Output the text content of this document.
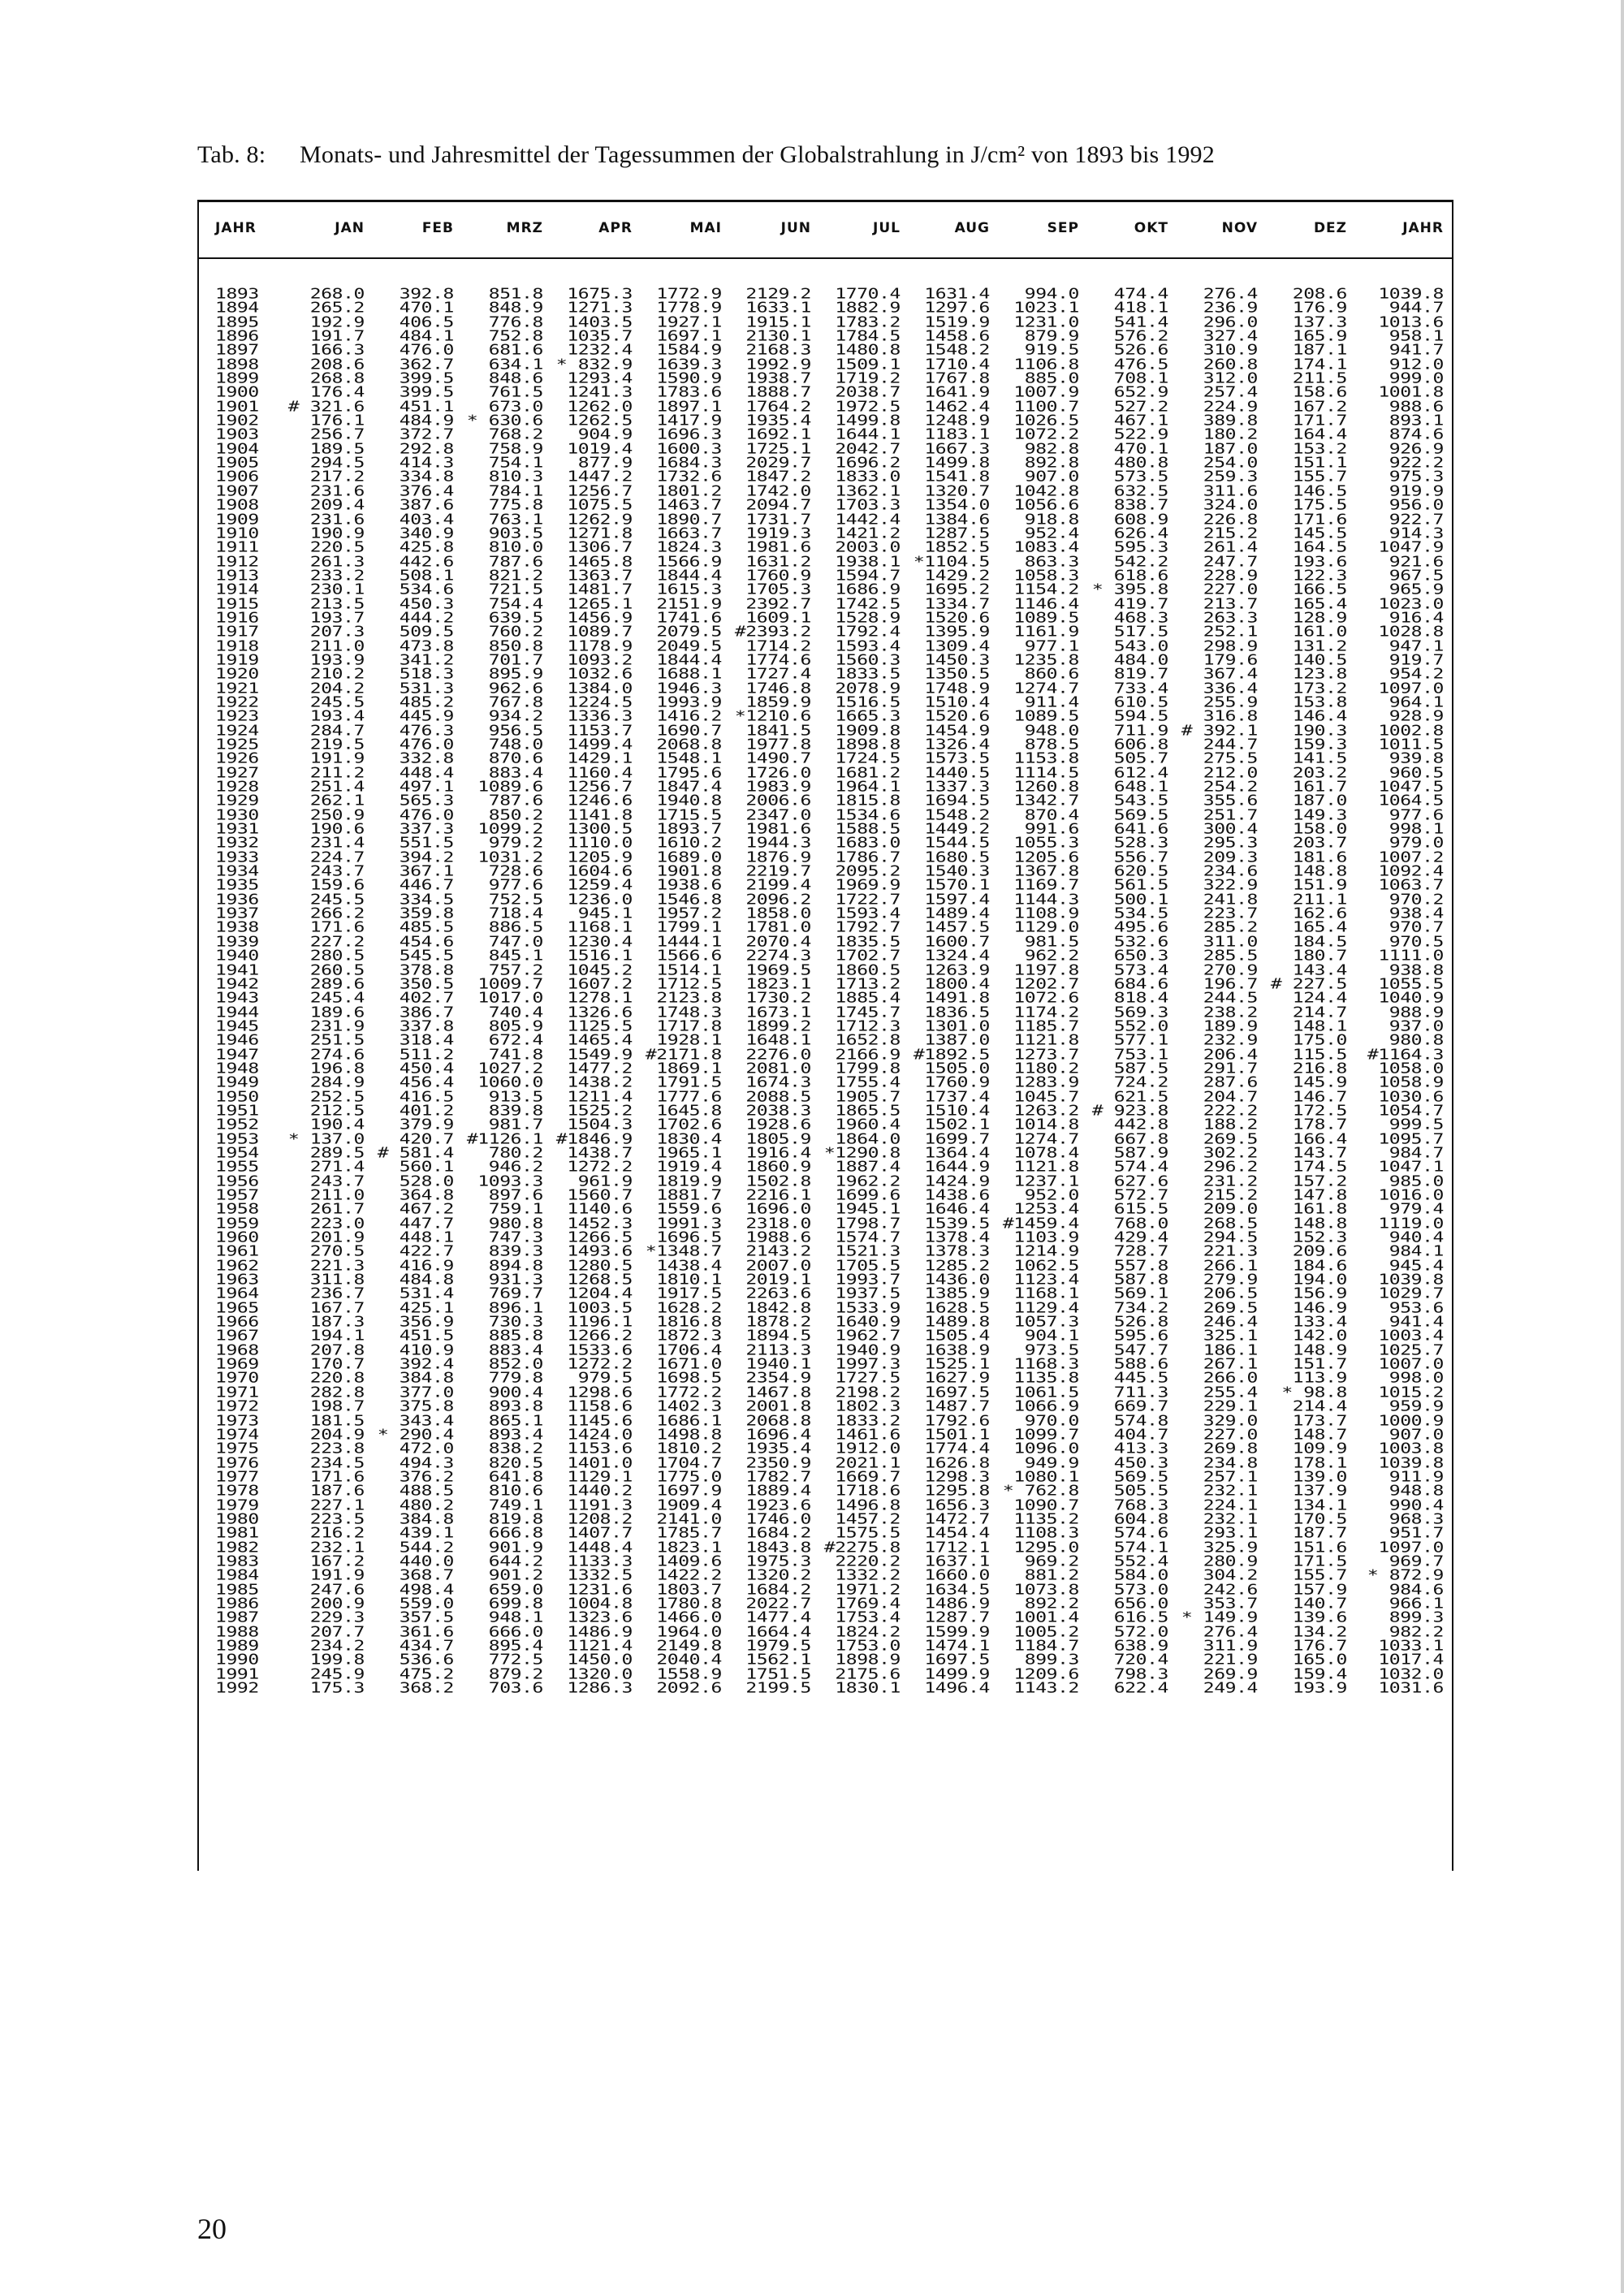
Tab. 8: Monats- und Jahresmittel der Tagessummen der Globalstrahlung in J/cm² von 1893 bis 1992
JAHR	JAN	FEB	MRZ	APR	MAI	JUN	JUL	AUG	SEP	OKT	NOV	DEZ	JAHR

1893	268.0	392.8	851.8	1675.3	1772.9	2129.2	1770.4	1631.4	994.0	474.4	276.4	208.6	1039.8
1894	265.2	470.1	848.9	1271.3	1778.9	1633.1	1882.9	1297.6	1023.1	418.1	236.9	176.9	944.7
1895	192.9	406.5	776.8	1403.5	1927.1	1915.1	1783.2	1519.9	1231.0	541.4	296.0	137.3	1013.6
1896	191.7	484.1	752.8	1035.7	1697.1	2130.1	1784.5	1458.6	879.9	576.2	327.4	165.9	958.1
1897	166.3	476.0	681.6	1232.4	1584.9	2168.3	1480.8	1548.2	919.5	526.6	310.9	187.1	941.7
1898	208.6	362.7	634.1	* 832.9	1639.3	1992.9	1509.1	1710.4	1106.8	476.5	260.8	174.1	912.0
1899	268.8	399.5	848.6	1293.4	1590.9	1938.7	1719.2	1767.8	885.0	708.1	312.0	211.5	999.0
1900	176.4	399.5	761.5	1241.3	1783.6	1888.7	2038.7	1641.9	1007.9	652.9	257.4	158.6	1001.8
1901	# 321.6	451.1	673.0	1262.0	1897.1	1764.2	1972.5	1462.4	1100.7	527.2	224.9	167.2	988.6
1902	176.1	484.9	* 630.6	1262.5	1417.9	1935.4	1499.8	1248.9	1026.5	467.1	389.8	171.7	893.1
1903	256.7	372.7	768.2	904.9	1696.3	1692.1	1644.1	1183.1	1072.2	522.9	180.2	164.4	874.6
1904	189.5	292.8	758.9	1019.4	1600.3	1725.1	2042.7	1667.3	982.8	470.1	187.0	153.2	926.9
1905	294.5	414.3	754.1	877.9	1684.3	2029.7	1696.2	1499.8	892.8	480.8	254.0	151.1	922.2
1906	217.2	334.8	810.3	1447.2	1732.6	1847.2	1833.0	1541.8	907.0	573.5	259.3	155.7	975.3
1907	231.6	376.4	784.1	1256.7	1801.2	1742.0	1362.1	1320.7	1042.8	632.5	311.6	146.5	919.9
1908	209.4	387.6	775.8	1075.5	1463.7	2094.7	1703.3	1354.0	1056.6	838.7	324.0	175.5	956.0
1909	231.6	403.4	763.1	1262.9	1890.7	1731.7	1442.4	1384.6	918.8	608.9	226.8	171.6	922.7
1910	190.9	340.9	903.5	1271.8	1663.7	1919.3	1421.2	1287.5	952.4	626.4	215.2	145.5	914.3
1911	220.5	425.8	810.0	1306.7	1824.3	1981.6	2003.0	1852.5	1083.4	595.3	261.4	164.5	1047.9
1912	261.3	442.6	787.6	1465.8	1566.9	1631.2	1938.1	*1104.5	863.3	542.2	247.7	193.6	921.6
1913	233.2	508.1	821.2	1363.7	1844.4	1760.9	1594.7	1429.2	1058.3	618.6	228.9	122.3	967.5
1914	230.1	534.6	721.5	1481.7	1615.3	1705.3	1686.9	1695.2	1154.2	* 395.8	227.0	166.5	965.9
1915	213.5	450.3	754.4	1265.1	2151.9	2392.7	1742.5	1334.7	1146.4	419.7	213.7	165.4	1023.0
1916	193.7	444.2	639.5	1456.9	1741.6	1609.1	1528.9	1520.6	1089.5	468.3	263.3	128.9	916.4
1917	207.3	509.5	760.2	1089.7	2079.5	#2393.2	1792.4	1395.9	1161.9	517.5	252.1	161.0	1028.8
1918	211.0	473.8	850.8	1178.9	2049.5	1714.2	1593.4	1309.4	977.1	543.0	298.9	131.2	947.1
1919	193.9	341.2	701.7	1093.2	1844.4	1774.6	1560.3	1450.3	1235.8	484.0	179.6	140.5	919.7
1920	210.2	518.3	895.9	1032.6	1688.1	1727.4	1833.5	1350.5	860.6	819.7	367.4	123.8	954.2
1921	204.2	531.3	962.6	1384.0	1946.3	1746.8	2078.9	1748.9	1274.7	733.4	336.4	173.2	1097.0
1922	245.5	485.2	767.8	1224.5	1993.9	1859.9	1516.5	1510.4	911.4	610.5	255.9	153.8	964.1
1923	193.4	445.9	934.2	1336.3	1416.2	*1210.6	1665.3	1520.6	1089.5	594.5	316.8	146.4	928.9
1924	284.7	476.3	956.5	1153.7	1690.7	1841.5	1909.8	1454.9	948.0	711.9	# 392.1	190.3	1002.8
1925	219.5	476.0	748.0	1499.4	2068.8	1977.8	1898.8	1326.4	878.5	606.8	244.7	159.3	1011.5
1926	191.9	332.8	870.6	1429.1	1548.1	1490.7	1724.5	1573.5	1153.8	505.7	275.5	141.5	939.8
1927	211.2	448.4	883.4	1160.4	1795.6	1726.0	1681.2	1440.5	1114.5	612.4	212.0	203.2	960.5
1928	251.4	497.1	1089.6	1256.7	1847.4	1983.9	1964.1	1337.3	1260.8	648.1	254.2	161.7	1047.5
1929	262.1	565.3	787.6	1246.6	1940.8	2006.6	1815.8	1694.5	1342.7	543.5	355.6	187.0	1064.5
1930	250.9	476.0	850.2	1141.8	1715.5	2347.0	1534.6	1548.2	870.4	569.5	251.7	149.3	977.6
1931	190.6	337.3	1099.2	1300.5	1893.7	1981.6	1588.5	1449.2	991.6	641.6	300.4	158.0	998.1
1932	231.4	551.5	979.2	1110.0	1610.2	1944.3	1683.0	1544.5	1055.3	528.3	295.3	203.7	979.0
1933	224.7	394.2	1031.2	1205.9	1689.0	1876.9	1786.7	1680.5	1205.6	556.7	209.3	181.6	1007.2
1934	243.7	367.1	728.6	1604.6	1901.8	2219.7	2095.2	1540.3	1367.8	620.5	234.6	148.8	1092.4
1935	159.6	446.7	977.6	1259.4	1938.6	2199.4	1969.9	1570.1	1169.7	561.5	322.9	151.9	1063.7
1936	245.5	334.5	752.5	1236.0	1546.8	2096.2	1722.7	1597.4	1144.3	500.1	241.8	211.1	970.2
1937	266.2	359.8	718.4	945.1	1957.2	1858.0	1593.4	1489.4	1108.9	534.5	223.7	162.6	938.4
1938	171.6	485.5	886.5	1168.1	1799.1	1781.0	1792.7	1457.5	1129.0	495.6	285.2	165.4	970.7
1939	227.2	454.6	747.0	1230.4	1444.1	2070.4	1835.5	1600.7	981.5	532.6	311.0	184.5	970.5
1940	280.5	545.5	845.1	1516.1	1566.6	2274.3	1702.7	1324.4	962.2	650.3	285.5	180.7	1111.0
1941	260.5	378.8	757.2	1045.2	1514.1	1969.5	1860.5	1263.9	1197.8	573.4	270.9	143.4	938.8
1942	289.6	350.5	1009.7	1607.2	1712.5	1823.1	1713.2	1800.4	1202.7	684.6	196.7	# 227.5	1055.5
1943	245.4	402.7	1017.0	1278.1	2123.8	1730.2	1885.4	1491.8	1072.6	818.4	244.5	124.4	1040.9
1944	189.6	386.7	740.4	1326.6	1748.3	1673.1	1745.7	1836.5	1174.2	569.3	238.2	214.7	988.9
1945	231.9	337.8	805.9	1125.5	1717.8	1899.2	1712.3	1301.0	1185.7	552.0	189.9	148.1	937.0
1946	251.5	318.4	672.4	1465.4	1928.1	1648.1	1652.8	1387.0	1121.8	577.1	232.9	175.0	980.8
1947	274.6	511.2	741.8	1549.9	#2171.8	2276.0	2166.9	#1892.5	1273.7	753.1	206.4	115.5	#1164.3
1948	196.8	450.4	1027.2	1477.2	1869.1	2081.0	1799.8	1505.0	1180.2	587.5	291.7	216.8	1058.0
1949	284.9	456.4	1060.0	1438.2	1791.5	1674.3	1755.4	1760.9	1283.9	724.2	287.6	145.9	1058.9
1950	252.5	416.5	913.5	1211.4	1777.6	2088.5	1905.7	1737.4	1045.7	621.5	204.7	146.7	1030.6
1951	212.5	401.2	839.8	1525.2	1645.8	2038.3	1865.5	1510.4	1263.2	# 923.8	222.2	172.5	1054.7
1952	190.4	379.9	981.7	1504.3	1702.6	1928.6	1960.4	1502.1	1014.8	442.8	188.2	178.7	999.5
1953	* 137.0	420.7	#1126.1	#1846.9	1830.4	1805.9	1864.0	1699.7	1274.7	667.8	269.5	166.4	1095.7
1954	289.5	# 581.4	780.2	1438.7	1965.1	1916.4	*1290.8	1364.4	1078.4	587.9	302.2	143.7	984.7
1955	271.4	560.1	946.2	1272.2	1919.4	1860.9	1887.4	1644.9	1121.8	574.4	296.2	174.5	1047.1
1956	243.7	528.0	1093.3	961.9	1819.9	1502.8	1962.2	1424.9	1237.1	627.6	231.2	157.2	985.0
1957	211.0	364.8	897.6	1560.7	1881.7	2216.1	1699.6	1438.6	952.0	572.7	215.2	147.8	1016.0
1958	261.7	467.2	759.1	1140.6	1559.6	1696.0	1945.1	1646.4	1253.4	615.5	209.0	161.8	979.4
1959	223.0	447.7	980.8	1452.3	1991.3	2318.0	1798.7	1539.5	#1459.4	768.0	268.5	148.8	1119.0
1960	201.9	448.1	747.3	1266.5	1696.5	1988.6	1574.7	1378.4	1103.9	429.4	294.5	152.3	940.4
1961	270.5	422.7	839.3	1493.6	*1348.7	2143.2	1521.3	1378.3	1214.9	728.7	221.3	209.6	984.1
1962	221.3	416.9	894.8	1280.5	1438.4	2007.0	1705.5	1285.2	1062.5	557.8	266.1	184.6	945.4
1963	311.8	484.8	931.3	1268.5	1810.1	2019.1	1993.7	1436.0	1123.4	587.8	279.9	194.0	1039.8
1964	236.7	531.4	769.7	1204.4	1917.5	2263.6	1937.5	1385.9	1168.1	569.1	206.5	156.9	1029.7
1965	167.7	425.1	896.1	1003.5	1628.2	1842.8	1533.9	1628.5	1129.4	734.2	269.5	146.9	953.6
1966	187.3	356.9	730.3	1196.1	1816.8	1878.2	1640.9	1489.8	1057.3	526.8	246.4	133.4	941.4
1967	194.1	451.5	885.8	1266.2	1872.3	1894.5	1962.7	1505.4	904.1	595.6	325.1	142.0	1003.4
1968	207.8	410.9	883.4	1533.6	1706.4	2113.3	1940.9	1638.9	973.5	547.7	186.1	148.9	1025.7
1969	170.7	392.4	852.0	1272.2	1671.0	1940.1	1997.3	1525.1	1168.3	588.6	267.1	151.7	1007.0
1970	220.8	384.8	779.8	979.5	1698.5	2354.9	1727.5	1627.9	1135.8	445.5	266.0	113.9	998.0
1971	282.8	377.0	900.4	1298.6	1772.2	1467.8	2198.2	1697.5	1061.5	711.3	255.4	* 98.8	1015.2
1972	198.7	375.8	893.8	1158.6	1402.3	2001.8	1802.3	1487.7	1066.9	669.7	229.1	214.4	959.9
1973	181.5	343.4	865.1	1145.6	1686.1	2068.8	1833.2	1792.6	970.0	574.8	329.0	173.7	1000.9
1974	204.9	* 290.4	893.4	1424.0	1498.8	1696.4	1461.6	1501.1	1099.7	404.7	227.0	148.7	907.0
1975	223.8	472.0	838.2	1153.6	1810.2	1935.4	1912.0	1774.4	1096.0	413.3	269.8	109.9	1003.8
1976	234.5	494.3	820.5	1401.0	1704.7	2350.9	2021.1	1626.8	949.9	450.3	234.8	178.1	1039.8
1977	171.6	376.2	641.8	1129.1	1775.0	1782.7	1669.7	1298.3	1080.1	569.5	257.1	139.0	911.9
1978	187.6	488.5	810.6	1440.2	1697.9	1889.4	1718.6	1295.8	* 762.8	505.5	232.1	137.9	948.8
1979	227.1	480.2	749.1	1191.3	1909.4	1923.6	1496.8	1656.3	1090.7	768.3	224.1	134.1	990.4
1980	223.5	384.8	819.8	1208.2	2141.0	1746.0	1457.2	1472.7	1135.2	604.8	232.1	170.5	968.3
1981	216.2	439.1	666.8	1407.7	1785.7	1684.2	1575.5	1454.4	1108.3	574.6	293.1	187.7	951.7
1982	232.1	544.2	901.9	1448.4	1823.1	1843.8	#2275.8	1712.1	1295.0	574.1	325.9	151.6	1097.0
1983	167.2	440.0	644.2	1133.3	1409.6	1975.3	2220.2	1637.1	969.2	552.4	280.9	171.5	969.7
1984	191.9	368.7	901.2	1332.5	1422.2	1320.2	1332.2	1660.0	881.2	584.0	304.2	155.7	* 872.9
1985	247.6	498.4	659.0	1231.6	1803.7	1684.2	1971.2	1634.5	1073.8	573.0	242.6	157.9	984.6
1986	200.9	559.0	699.8	1004.8	1780.8	2022.7	1769.4	1486.9	892.2	656.0	353.7	140.7	966.1
1987	229.3	357.5	948.1	1323.6	1466.0	1477.4	1753.4	1287.7	1001.4	616.5	* 149.9	139.6	899.3
1988	207.7	361.6	666.0	1486.9	1964.0	1664.4	1824.2	1599.9	1005.2	572.0	276.4	134.2	982.2
1989	234.2	434.7	895.4	1121.4	2149.8	1979.5	1753.0	1474.1	1184.7	638.9	311.9	176.7	1033.1
1990	199.8	536.6	772.5	1450.0	2040.4	1562.1	1898.9	1697.5	899.3	720.4	221.9	165.0	1017.4
1991	245.9	475.2	879.2	1320.0	1558.9	1751.5	2175.6	1499.9	1209.6	798.3	269.9	159.4	1032.0
1992	175.3	368.2	703.6	1286.3	2092.6	2199.5	1830.1	1496.4	1143.2	622.4	249.4	193.9	1031.6
20
